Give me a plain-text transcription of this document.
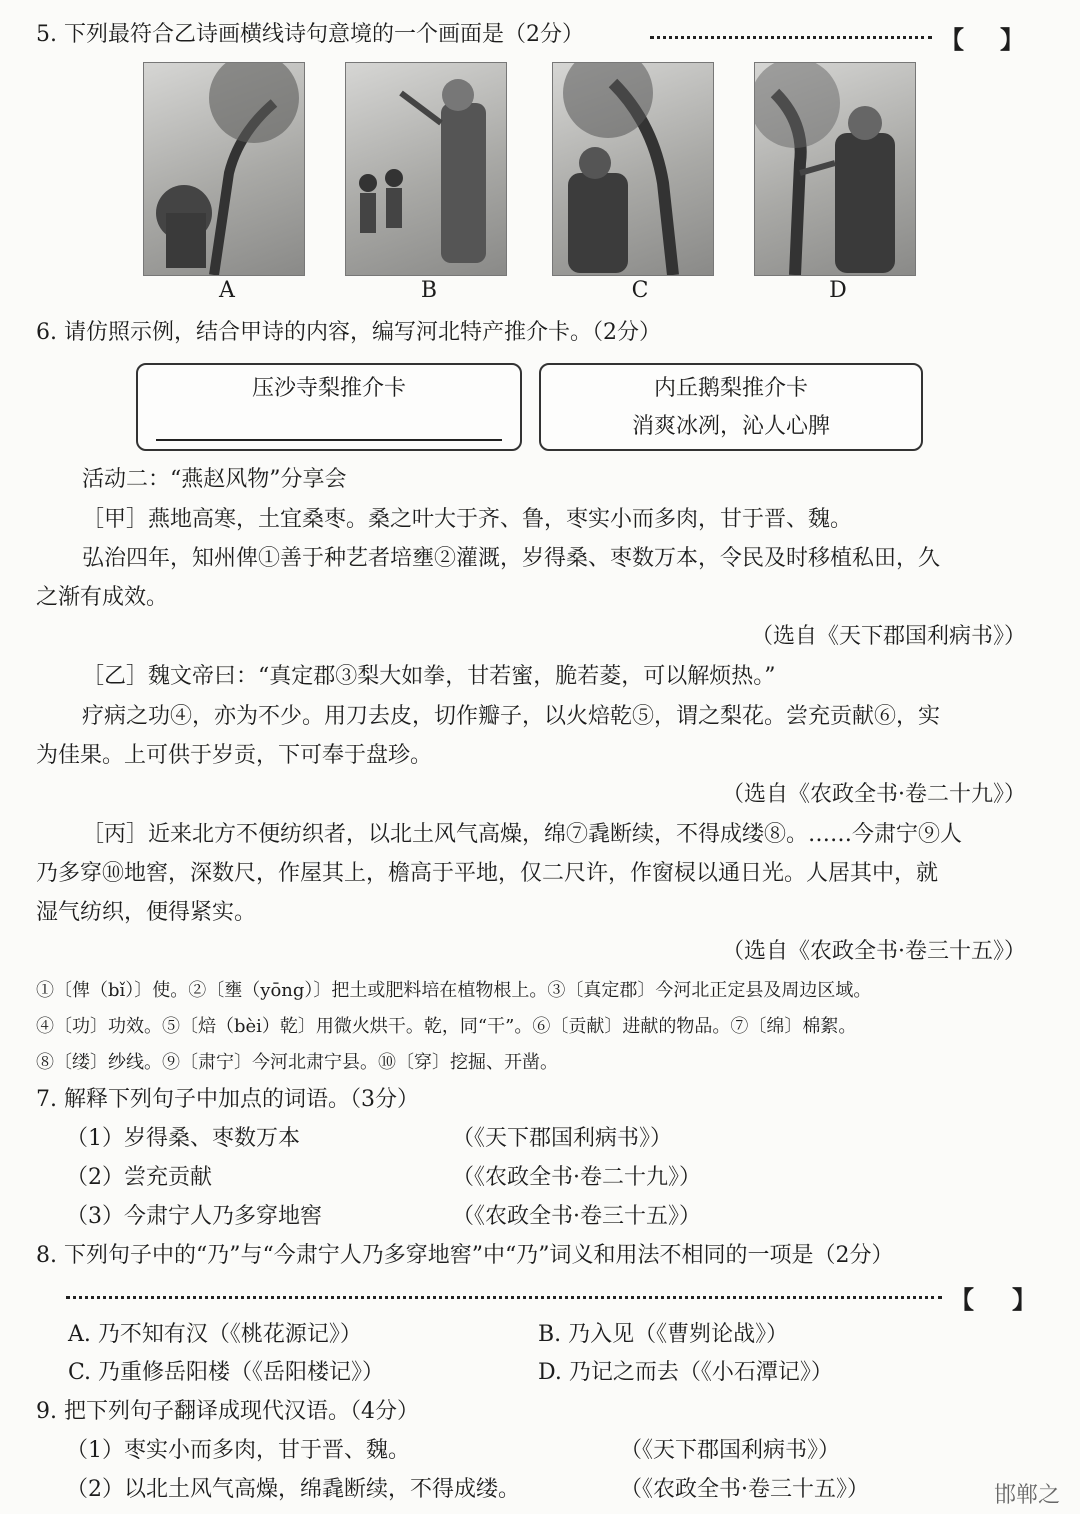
5. 下列最符合乙诗画横线诗句意境的一个画面是（2分）	【 】
A	B	C	D
6. 请仿照示例，结合甲诗的内容，编写河北特产推介卡。（2分）
压沙寺梨推介卡	内丘鹅梨推介卡
消爽冰冽，沁人心脾
活动二：“燕赵风物”分享会
［甲］燕地高寒，土宜桑枣。桑之叶大于齐、鲁，枣实小而多肉，甘于晋、魏。
弘治四年，知州俾①善于种艺者培壅②灌溉，岁得桑、枣数万本，令民及时移植私田，久
之渐有成效。
（选自《天下郡国利病书》）
［乙］魏文帝曰：“真定郡③梨大如拳，甘若蜜，脆若菱，可以解烦热。”
疗病之功④，亦为不少。用刀去皮，切作瓣子，以火焙乾⑤，谓之梨花。尝充贡献⑥，实
为佳果。上可供于岁贡，下可奉于盘珍。
（选自《农政全书·卷二十九》）
［丙］近来北方不便纺织者，以北土风气高燥，绵⑦毳断续，不得成缕⑧。……今肃宁⑨人
乃多穿⑩地窖，深数尺，作屋其上，檐高于平地，仅二尺许，作窗棂以通日光。人居其中，就
湿气纺织，便得紧实。
（选自《农政全书·卷三十五》）
①〔俾（bǐ）〕使。②〔壅（yōng）〕把土或肥料培在植物根上。③〔真定郡〕今河北正定县及周边区域。
④〔功〕功效。⑤〔焙（bèi）乾〕用微火烘干。乾，同“干”。⑥〔贡献〕进献的物品。⑦〔绵〕棉絮。
⑧〔缕〕纱线。⑨〔肃宁〕今河北肃宁县。⑩〔穿〕挖掘、开凿。
7. 解释下列句子中加点的词语。（3分）
（1）岁得桑、枣数万本	（《天下郡国利病书》）
（2）尝充贡献	（《农政全书·卷二十九》）
（3）今肃宁人乃多穿地窖	（《农政全书·卷三十五》）
8. 下列句子中的“乃”与“今肃宁人乃多穿地窖”中“乃”词义和用法不相同的一项是（2分）
【 】
A. 乃不知有汉（《桃花源记》）	B. 乃入见（《曹刿论战》）
C. 乃重修岳阳楼（《岳阳楼记》）	D. 乃记之而去（《小石潭记》）
9. 把下列句子翻译成现代汉语。（4分）
（1）枣实小而多肉，甘于晋、魏。	（《天下郡国利病书》）
（2）以北土风气高燥，绵毳断续，不得成缕。	（《农政全书·卷三十五》）	邯郸之
